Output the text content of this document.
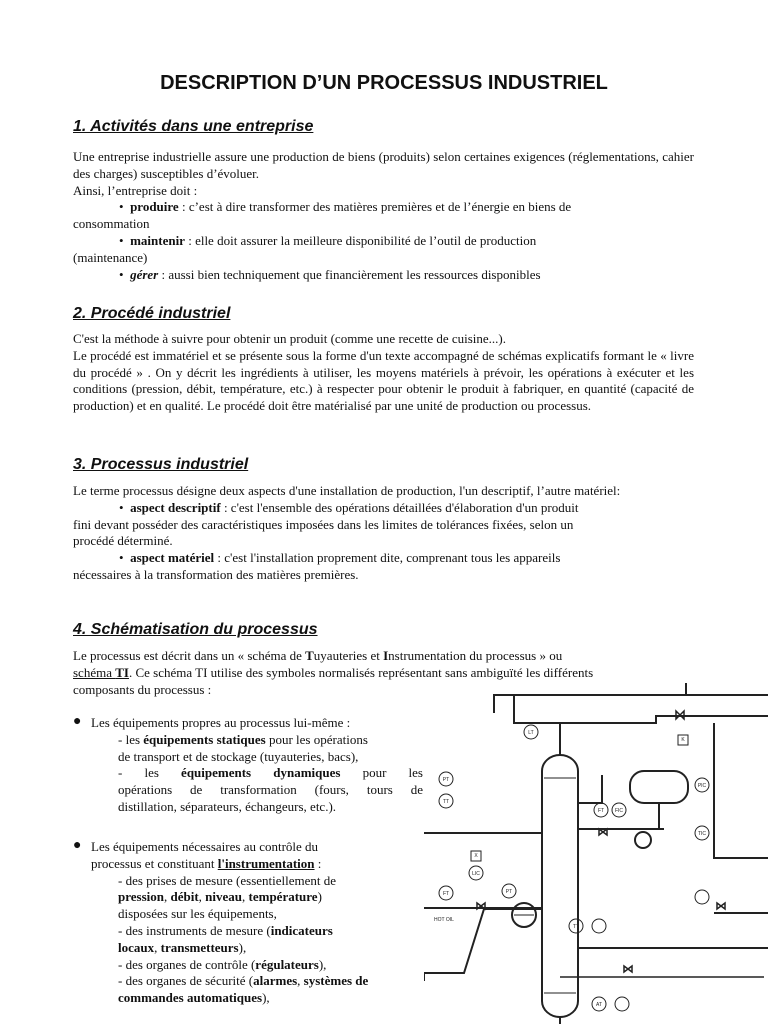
DESCRIPTION D’UN PROCESSUS INDUSTRIEL
1. Activités dans une entreprise
Une entreprise industrielle assure une production de biens (produits) selon certaines exigences (réglementations, cahier des charges) susceptibles d’évoluer.
Ainsi, l’entreprise doit :
•  produire : c’est à dire transformer des matières premières et de l’énergie en biens de
consommation
•  maintenir : elle doit assurer la meilleure disponibilité de l’outil de production
(maintenance)
•  gérer : aussi bien techniquement que financièrement les ressources disponibles
2. Procédé industriel
C'est la méthode à suivre pour obtenir un produit (comme une recette de cuisine...).
Le procédé est immatériel et se présente sous la forme d'un texte accompagné de schémas explicatifs formant le « livre du procédé » . On y décrit les ingrédients à utiliser, les moyens matériels à prévoir, les opérations à exécuter et les conditions (pression, débit, température, etc.) à respecter pour obtenir le produit à fabriquer, en quantité (capacité de production) et en qualité. Le procédé doit être matérialisé par une unité de production ou processus.
3. Processus industriel
Le terme processus désigne deux aspects d'une installation de production, l'un descriptif, l’autre matériel:
•  aspect descriptif : c'est l'ensemble des opérations détaillées d'élaboration d'un produit
fini devant posséder des caractéristiques imposées dans les limites de tolérances fixées, selon un
procédé déterminé.
•  aspect matériel : c'est l'installation proprement dite, comprenant tous les appareils
nécessaires à la transformation des matières premières.
4. Schématisation du processus
Le processus est décrit dans un « schéma de Tuyauteries et Instrumentation du processus » ou
schéma TI. Ce schéma TI utilise des symboles normalisés représentant sans ambiguïté les différents
composants du processus :
● Les équipements propres au processus lui-même :
- les équipements statiques pour les opérations
de transport et de stockage (tuyauteries, bacs),
- les équipements dynamiques pour les
opérations de transformation (fours, tours de
distillation, séparateurs, échangeurs, etc.).
● Les équipements nécessaires au contrôle du
processus et constituant l'instrumentation :
- des prises de mesure (essentiellement de
pression, débit, niveau, température)
disposées sur les équipements,
- des instruments de mesure (indicateurs
locaux, transmetteurs),
- des organes de contrôle (régulateurs),
- des organes de sécurité (alarmes, systèmes de
commandes automatiques),
PT
TT
LT
FT FIC
PIC
TIC
LIC
AT
FT	PT
TT
X
K
HOT OIL
